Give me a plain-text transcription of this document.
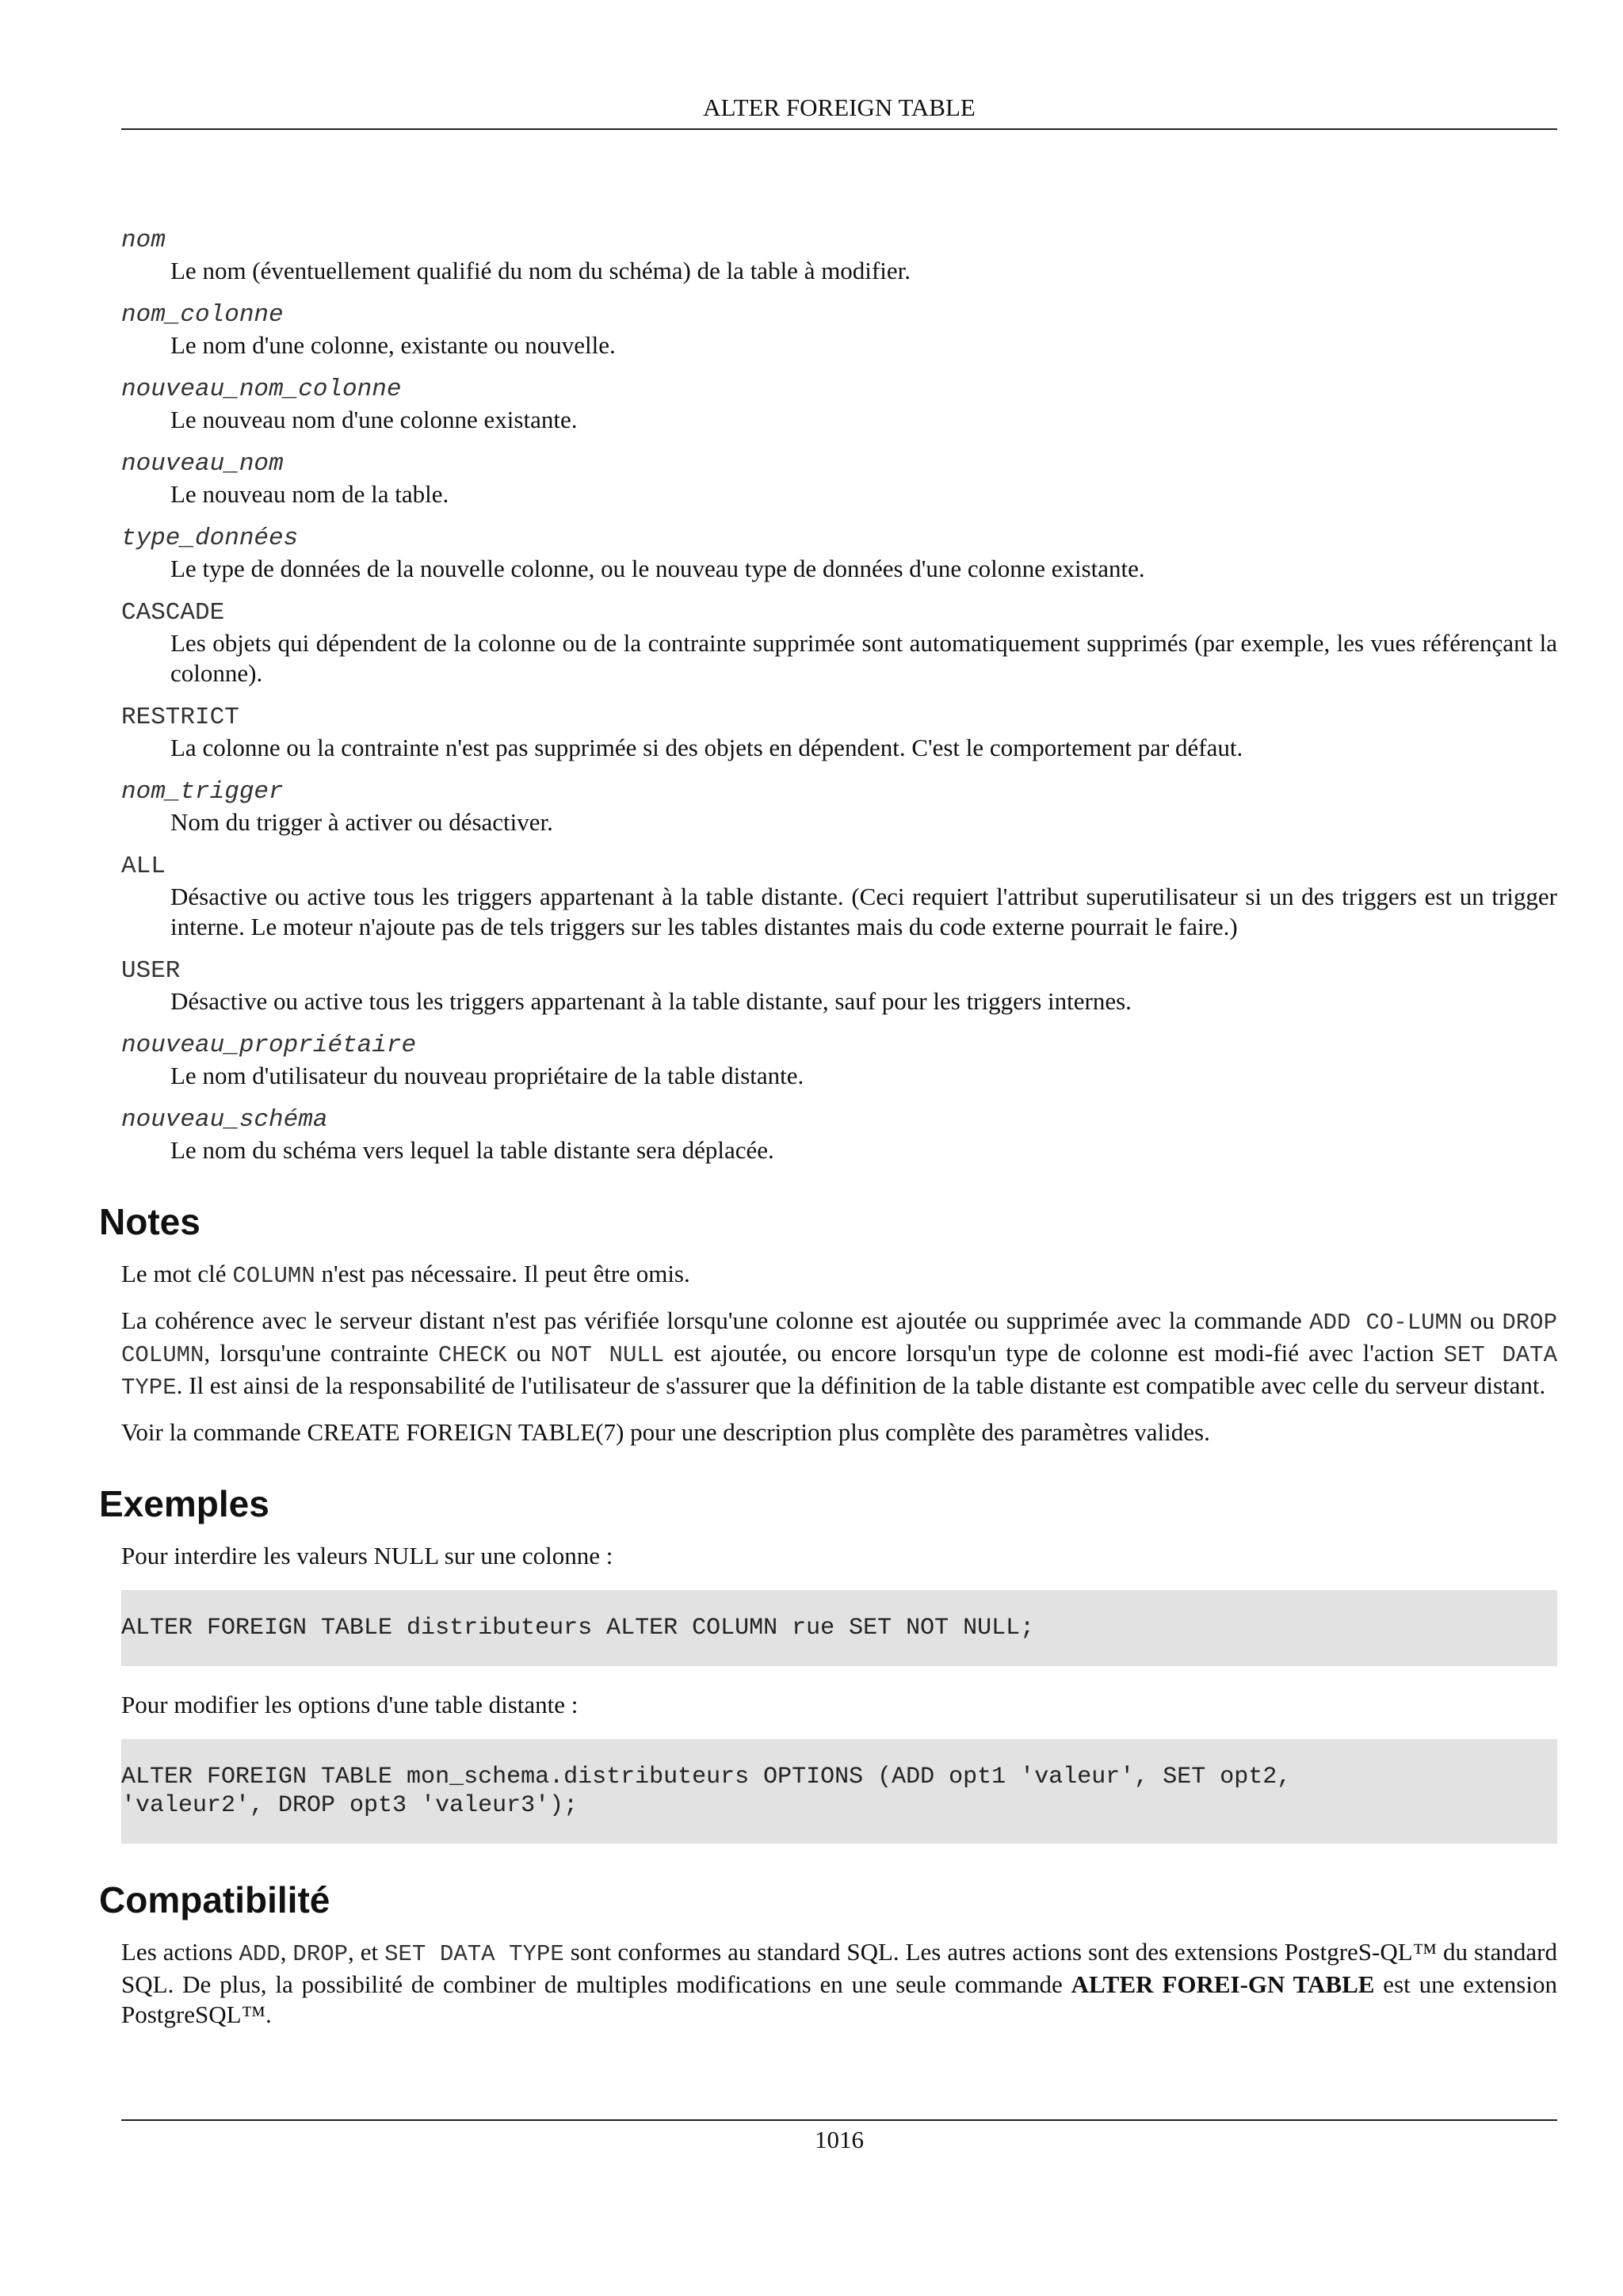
ALTER FOREIGN TABLE
nom
Le nom (éventuellement qualifié du nom du schéma) de la table à modifier.
nom_colonne
Le nom d'une colonne, existante ou nouvelle.
nouveau_nom_colonne
Le nouveau nom d'une colonne existante.
nouveau_nom
Le nouveau nom de la table.
type_données
Le type de données de la nouvelle colonne, ou le nouveau type de données d'une colonne existante.
CASCADE
Les objets qui dépendent de la colonne ou de la contrainte supprimée sont automatiquement supprimés (par exemple, les vues référençant la colonne).
RESTRICT
La colonne ou la contrainte n'est pas supprimée si des objets en dépendent. C'est le comportement par défaut.
nom_trigger
Nom du trigger à activer ou désactiver.
ALL
Désactive ou active tous les triggers appartenant à la table distante. (Ceci requiert l'attribut superutilisateur si un des triggers est un trigger interne. Le moteur n'ajoute pas de tels triggers sur les tables distantes mais du code externe pourrait le faire.)
USER
Désactive ou active tous les triggers appartenant à la table distante, sauf pour les triggers internes.
nouveau_propriétaire
Le nom d'utilisateur du nouveau propriétaire de la table distante.
nouveau_schéma
Le nom du schéma vers lequel la table distante sera déplacée.
Notes

Le mot clé COLUMN n'est pas nécessaire. Il peut être omis.

La cohérence avec le serveur distant n'est pas vérifiée lorsqu'une colonne est ajoutée ou supprimée avec la commande ADD CO-LUMN ou DROP COLUMN, lorsqu'une contrainte CHECK ou NOT NULL est ajoutée, ou encore lorsqu'un type de colonne est modi-fié avec l'action SET DATA TYPE. Il est ainsi de la responsabilité de l'utilisateur de s'assurer que la définition de la table distante est compatible avec celle du serveur distant.

Voir la commande CREATE FOREIGN TABLE(7) pour une description plus complète des paramètres valides.

Exemples

Pour interdire les valeurs NULL sur une colonne :

ALTER FOREIGN TABLE distributeurs ALTER COLUMN rue SET NOT NULL;

Pour modifier les options d'une table distante :

ALTER FOREIGN TABLE mon_schema.distributeurs OPTIONS (ADD opt1 'valeur', SET opt2,
'valeur2', DROP opt3 'valeur3');
Compatibilité

Les actions ADD, DROP, et SET DATA TYPE sont conformes au standard SQL. Les autres actions sont des extensions PostgreS-QL™ du standard SQL. De plus, la possibilité de combiner de multiples modifications en une seule commande ALTER FOREI-GN TABLE est une extension PostgreSQL™.

1016
